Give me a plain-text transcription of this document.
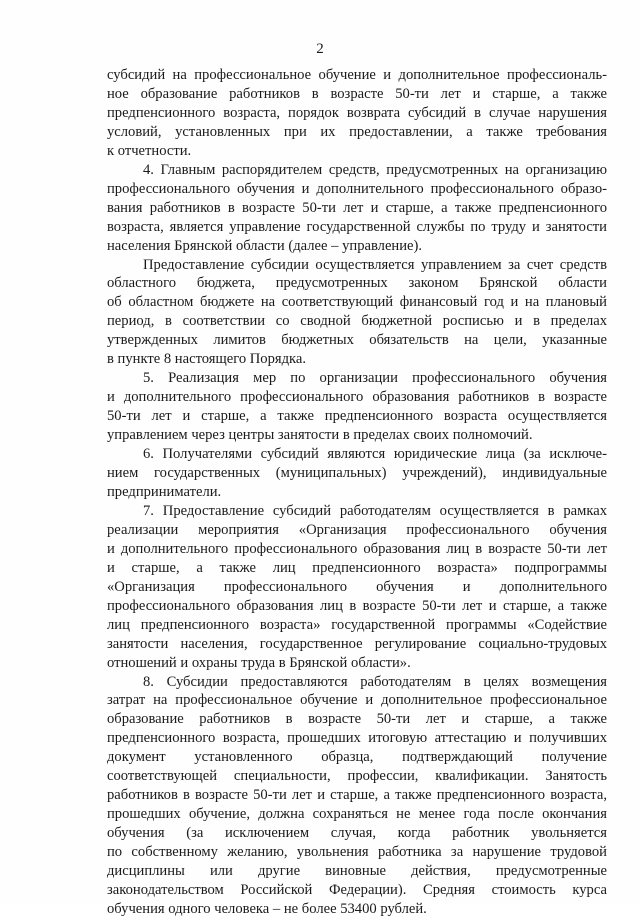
2

субсидий на профессиональное обучение и дополнительное профессиональ-
ное образование работников в возрасте 50-ти лет и старше, а также
предпенсионного возраста, порядок возврата субсидий в случае нарушения
условий, установленных при их предоставлении, а также требования
к отчетности.

4. Главным распорядителем средств, предусмотренных на организацию
профессионального обучения и дополнительного профессионального образо-
вания работников в возрасте 50-ти лет и старше, а также предпенсионного
возраста, является управление государственной службы по труду и занятости
населения Брянской области (далее – управление).

Предоставление субсидии осуществляется управлением за счет средств
областного бюджета, предусмотренных законом Брянской области
об областном бюджете на соответствующий финансовый год и на плановый
период, в соответствии со сводной бюджетной росписью и в пределах
утвержденных лимитов бюджетных обязательств на цели, указанные
в пункте 8 настоящего Порядка.

5. Реализация мер по организации профессионального обучения
и дополнительного профессионального образования работников в возрасте
50-ти лет и старше, а также предпенсионного возраста осуществляется
управлением через центры занятости в пределах своих полномочий.

6. Получателями субсидий являются юридические лица (за исключе-
нием государственных (муниципальных) учреждений), индивидуальные
предприниматели.

7. Предоставление субсидий работодателям осуществляется в рамках
реализации мероприятия «Организация профессионального обучения
и дополнительного профессионального образования лиц в возрасте 50-ти лет
и старше, а также лиц предпенсионного возраста» подпрограммы
«Организация профессионального обучения и дополнительного
профессионального образования лиц в возрасте 50-ти лет и старше, а также
лиц предпенсионного возраста» государственной программы «Содействие
занятости населения, государственное регулирование социально-трудовых
отношений и охраны труда в Брянской области».

8. Субсидии предоставляются работодателям в целях возмещения
затрат на профессиональное обучение и дополнительное профессиональное
образование работников в возрасте 50-ти лет и старше, а также
предпенсионного возраста, прошедших итоговую аттестацию и получивших
документ установленного образца, подтверждающий получение
соответствующей специальности, профессии, квалификации. Занятость
работников в возрасте 50-ти лет и старше, а также предпенсионного возраста,
прошедших обучение, должна сохраняться не менее года после окончания
обучения (за исключением случая, когда работник увольняется
по собственному желанию, увольнения работника за нарушение трудовой
дисциплины или другие виновные действия, предусмотренные
законодательством Российской Федерации). Средняя стоимость курса
обучения одного человека – не более 53400 рублей.
